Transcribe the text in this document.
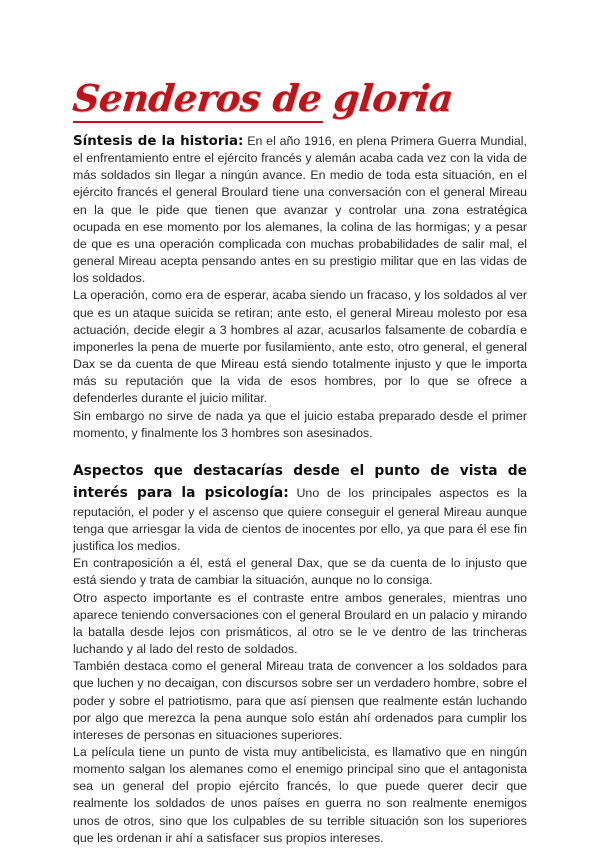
Senderos de gloria

Síntesis de la historia: En el año 1916, en plena Primera Guerra Mundial, el enfrentamiento entre el ejército francés y alemán acaba cada vez con la vida de más soldados sin llegar a ningún avance. En medio de toda esta situación, en el ejército francés el general Broulard tiene una conversación con el general Mireau en la que le pide que tienen que avanzar y controlar una zona estratégica ocupada en ese momento por los alemanes, la colina de las hormigas; y a pesar de que es una operación complicada con muchas probabilidades de salir mal, el general Mireau acepta pensando antes en su prestigio militar que en las vidas de los soldados.

La operación, como era de esperar, acaba siendo un fracaso, y los soldados al ver que es un ataque suicida se retiran; ante esto, el general Mireau molesto por esa actuación, decide elegir a 3 hombres al azar, acusarlos falsamente de cobardía e imponerles la pena de muerte por fusilamiento, ante esto, otro general, el general Dax se da cuenta de que Mireau está siendo totalmente injusto y que le importa más su reputación que la vida de esos hombres, por lo que se ofrece a defenderles durante el juicio militar.

Sin embargo no sirve de nada ya que el juicio estaba preparado desde el primer momento, y finalmente los 3 hombres son asesinados.

Aspectos que destacarías desde el punto de vista de interés para la psicología: Uno de los principales aspectos es la reputación, el poder y el ascenso que quiere conseguir el general Mireau aunque tenga que arriesgar la vida de cientos de inocentes por ello, ya que para él ese fin justifica los medios.

En contraposición a él, está el general Dax, que se da cuenta de lo injusto que está siendo y trata de cambiar la situación, aunque no lo consiga.

Otro aspecto importante es el contraste entre ambos generales, mientras uno aparece teniendo conversaciones con el general Broulard en un palacio y mirando la batalla desde lejos con prismáticos, al otro se le ve dentro de las trincheras luchando y al lado del resto de soldados.

También destaca como el general Mireau trata de convencer a los soldados para que luchen y no decaigan, con discursos sobre ser un verdadero hombre, sobre el poder y sobre el patriotismo, para que así piensen que realmente están luchando por algo que merezca la pena aunque solo están ahí ordenados para cumplir los intereses de personas en situaciones superiores.

La película tiene un punto de vista muy antibelicista, es llamativo que en ningún momento salgan los alemanes como el enemigo principal sino que el antagonista sea un general del propio ejército francés, lo que puede querer decir que realmente los soldados de unos países en guerra no son realmente enemigos unos de otros, sino que los culpables de su terrible situación son los superiores que les ordenan ir ahí a satisfacer sus propios intereses.
